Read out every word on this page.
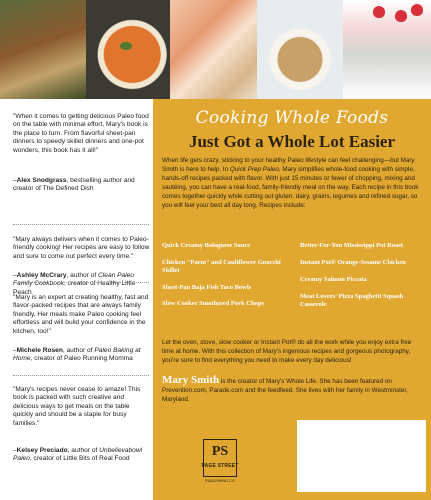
"When it comes to getting delicious Paleo food on the table with minimal effort, Mary's book is the place to turn. From flavorful sheet-pan dinners to speedy skillet dinners and one-pot wonders, this book has it all!"

–Alex Snodgrass, bestselling author and creator of The Defined Dish

"Mary always delivers when it comes to Paleo-friendly cooking! Her recipes are easy to follow and sure to come out perfect every time."

–Ashley McCrary, author of Clean Paleo Family Cookbook, creator of Healthy Little Peach

"Mary is an expert at creating healthy, fast and flavor-packed recipes that are always family friendly. Her meals make Paleo cooking feel effortless and will build your confidence in the kitchen, too!"

–Michele Rosen, author of Paleo Baking at Home, creator of Paleo Running Momma

"Mary's recipes never cease to amaze! This book is packed with such creative and delicious ways to get meals on the table quickly and should be a staple for busy families."

–Kelsey Preciado, author of Unbelievabowl Paleo, creator of Little Bits of Real Food

Cooking Whole Foods
Just Got a Whole Lot Easier

When life gets crazy, sticking to your healthy Paleo lifestyle can feel challenging—but Mary Smith is here to help. In Quick Prep Paleo, Mary simplifies whole-food cooking with simple, hands-off recipes packed with flavor. With just 15 minutes or fewer of chopping, mixing and sautéing, you can have a real-food, family-friendly meal on the way. Each recipe in this book comes together quickly while cutting out gluten, dairy, grains, legumes and refined sugar, so you will feel your best all day long. Recipes include:

Quick Creamy Bolognese Sauce

Chicken "Parm" and Cauliflower Gnocchi Skillet

Sheet-Pan Baja Fish Taco Bowls

Slow Cooker Smothered Pork Chops

Better-For-You Mississippi Pot Roast

Instant Pot® Orange-Sesame Chicken

Creamy Salmon Piccata

Meat Lovers' Pizza Spaghetti Squash Casserole

Let the oven, stove, slow cooker or Instant Pot® do all the work while you enjoy extra free time at home. With this collection of Mary's ingenious recipes and gorgeous photography, you're sure to find everything you need to make every day delicious!

Mary Smith is the creator of Mary's Whole Life. She has been featured on Prevention.com, Parade.com and the feedfeed. She lives with her family in Westminster, Maryland.

PS
PAGE STREET
PUBLISHING CO
